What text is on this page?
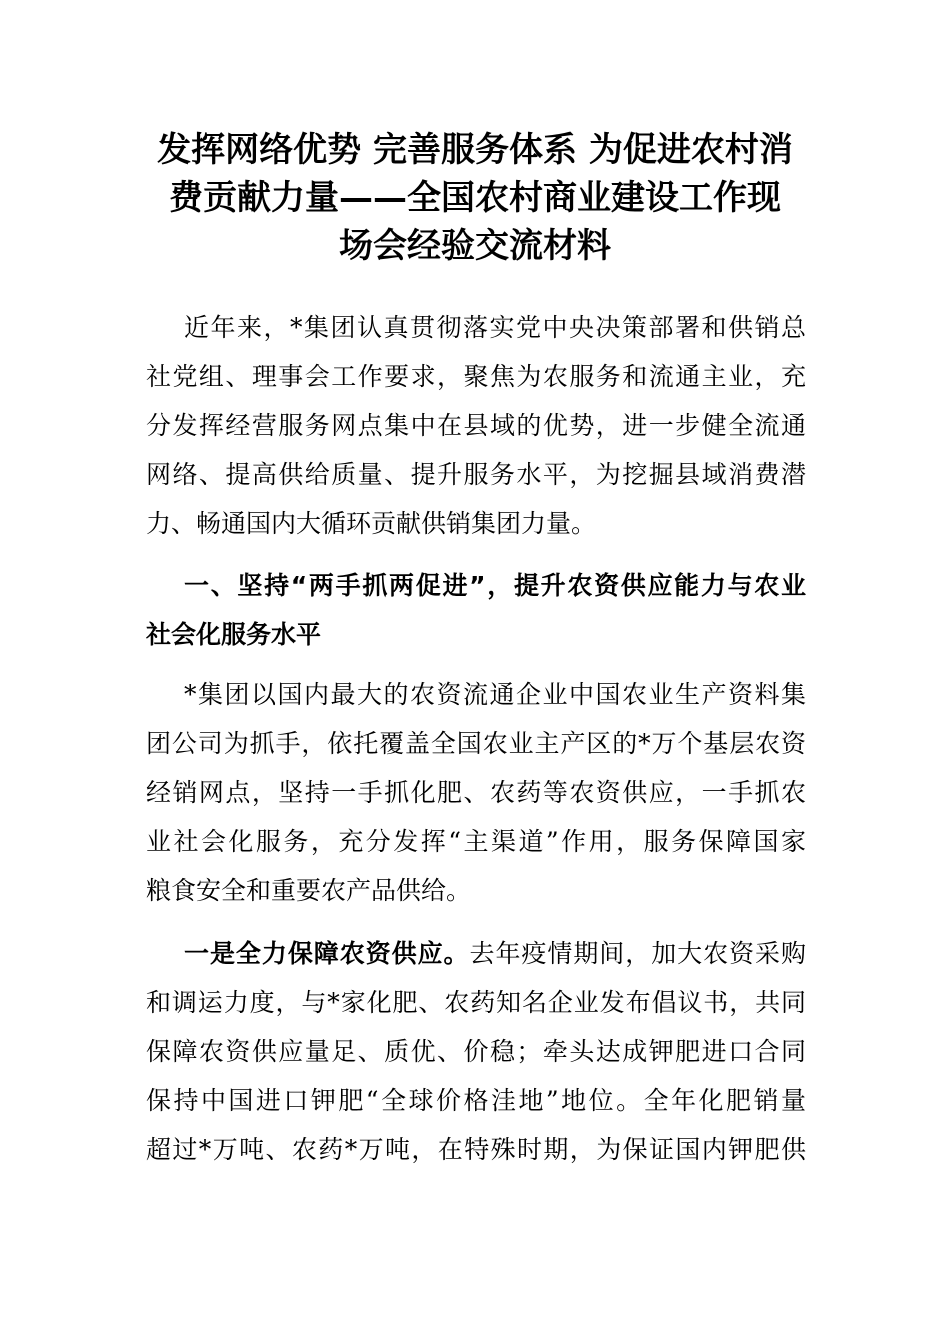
发挥网络优势 完善服务体系 为促进农村消
费贡献力量——全国农村商业建设工作现
场会经验交流材料

近年来，*集团认真贯彻落实党中央决策部署和供销总
社党组、理事会工作要求，聚焦为农服务和流通主业，充
分发挥经营服务网点集中在县域的优势，进一步健全流通
网络、提高供给质量、提升服务水平，为挖掘县域消费潜
力、畅通国内大循环贡献供销集团力量。

一、坚持“两手抓两促进”，提升农资供应能力与农业
社会化服务水平

*集团以国内最大的农资流通企业中国农业生产资料集
团公司为抓手，依托覆盖全国农业主产区的*万个基层农资
经销网点，坚持一手抓化肥、农药等农资供应，一手抓农
业社会化服务，充分发挥“主渠道”作用，服务保障国家
粮食安全和重要农产品供给。

一是全力保障农资供应。去年疫情期间，加大农资采购
和调运力度，与*家化肥、农药知名企业发布倡议书，共同
保障农资供应量足、质优、价稳；牵头达成钾肥进口合同
保持中国进口钾肥“全球价格洼地”地位。全年化肥销量
超过*万吨、农药*万吨，在特殊时期，为保证国内钾肥供
